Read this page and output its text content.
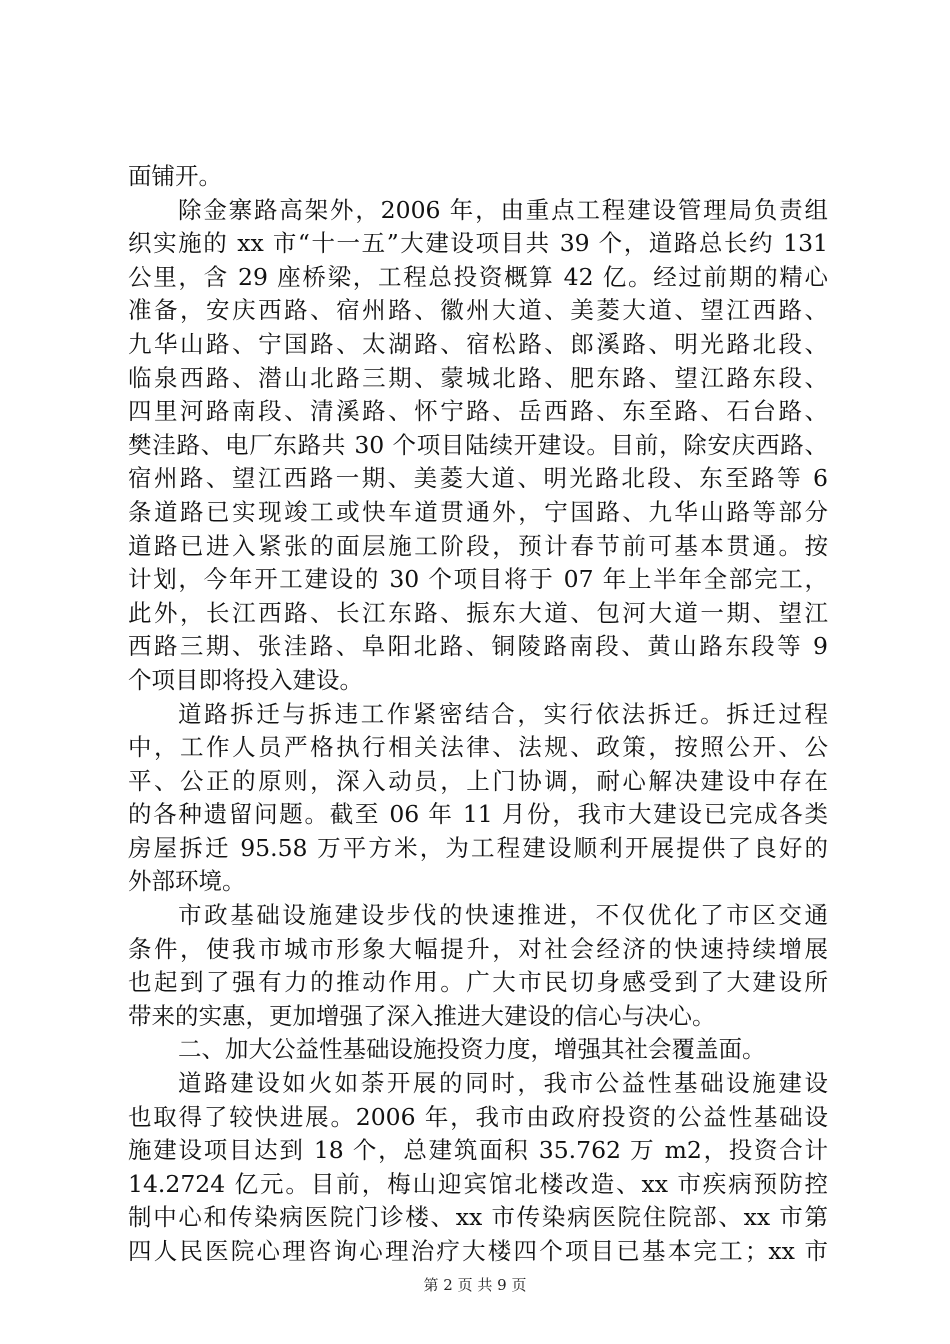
面铺开。
除金寨路高架外，2006 年，由重点工程建设管理局负责组
织实施的 xx 市“十一五”大建设项目共 39 个，道路总长约 131
公里，含 29 座桥梁，工程总投资概算 42 亿。经过前期的精心
准备，安庆西路、宿州路、徽州大道、美菱大道、望江西路、
九华山路、宁国路、太湖路、宿松路、郎溪路、明光路北段、
临泉西路、潜山北路三期、蒙城北路、肥东路、望江路东段、
四里河路南段、清溪路、怀宁路、岳西路、东至路、石台路、
樊洼路、电厂东路共 30 个项目陆续开建设。目前，除安庆西路、
宿州路、望江西路一期、美菱大道、明光路北段、东至路等 6
条道路已实现竣工或快车道贯通外，宁国路、九华山路等部分
道路已进入紧张的面层施工阶段，预计春节前可基本贯通。按
计划，今年开工建设的 30 个项目将于 07 年上半年全部完工，
此外，长江西路、长江东路、振东大道、包河大道一期、望江
西路三期、张洼路、阜阳北路、铜陵路南段、黄山路东段等 9
个项目即将投入建设。
道路拆迁与拆违工作紧密结合，实行依法拆迁。拆迁过程
中，工作人员严格执行相关法律、法规、政策，按照公开、公
平、公正的原则，深入动员，上门协调，耐心解决建设中存在
的各种遗留问题。截至 06 年 11 月份，我市大建设已完成各类
房屋拆迁 95.58 万平方米，为工程建设顺利开展提供了良好的
外部环境。
市政基础设施建设步伐的快速推进，不仅优化了市区交通
条件，使我市城市形象大幅提升，对社会经济的快速持续增展
也起到了强有力的推动作用。广大市民切身感受到了大建设所
带来的实惠，更加增强了深入推进大建设的信心与决心。
二、加大公益性基础设施投资力度，增强其社会覆盖面。
道路建设如火如荼开展的同时，我市公益性基础设施建设
也取得了较快进展。2006 年，我市由政府投资的公益性基础设
施建设项目达到 18 个，总建筑面积 35.762 万 m2，投资合计
14.2724 亿元。目前，梅山迎宾馆北楼改造、xx 市疾病预防控
制中心和传染病医院门诊楼、xx 市传染病医院住院部、xx 市第
四人民医院心理咨询心理治疗大楼四个项目已基本完工；xx 市
第 2 页 共 9 页
